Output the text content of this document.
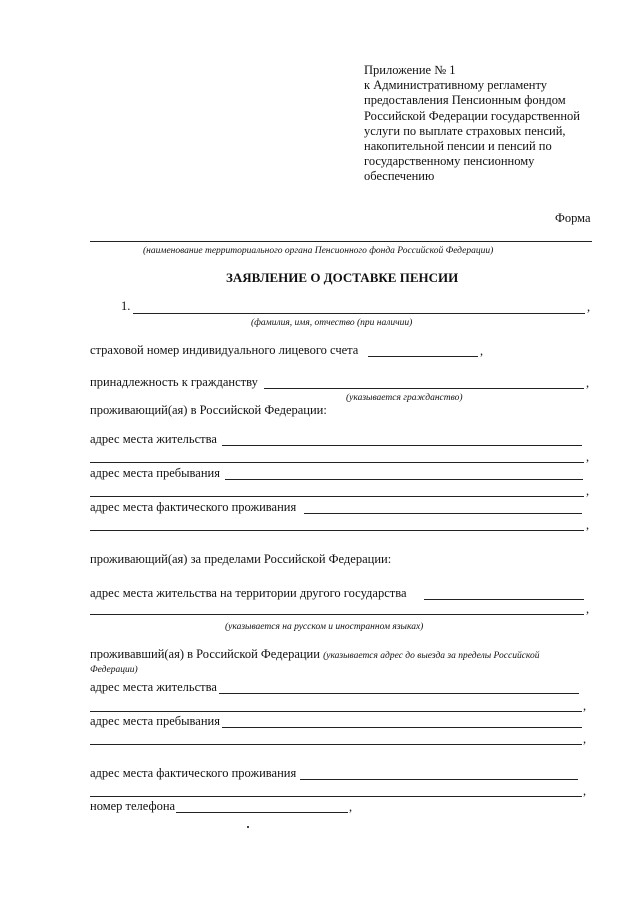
Приложение № 1
к Административному регламенту
предоставления Пенсионным фондом
Российской Федерации государственной
услуги по выплате страховых пенсий,
накопительной пенсии и пенсий по
государственному пенсионному
обеспечению
Форма
(наименование территориального органа Пенсионного фонда Российской Федерации)
ЗАЯВЛЕНИЕ О ДОСТАВКЕ ПЕНСИИ
1.	,
(фамилия, имя, отчество (при наличии)
страховой номер индивидуального лицевого счета	,
принадлежность к гражданству	,
(указывается гражданство)
проживающий(ая) в Российской Федерации:
адрес места жительства
,
адрес места пребывания
,
адрес места фактического проживания
,
проживающий(ая) за пределами Российской Федерации:
адрес места жительства на территории другого государства
,
(указывается на русском и иностранном языках)
проживавший(ая) в Российской Федерации (указывается адрес до выезда за пределы Российской
Федерации)
адрес места жительства
,
адрес места пребывания
,
адрес места фактического проживания
,
номер телефона	,
